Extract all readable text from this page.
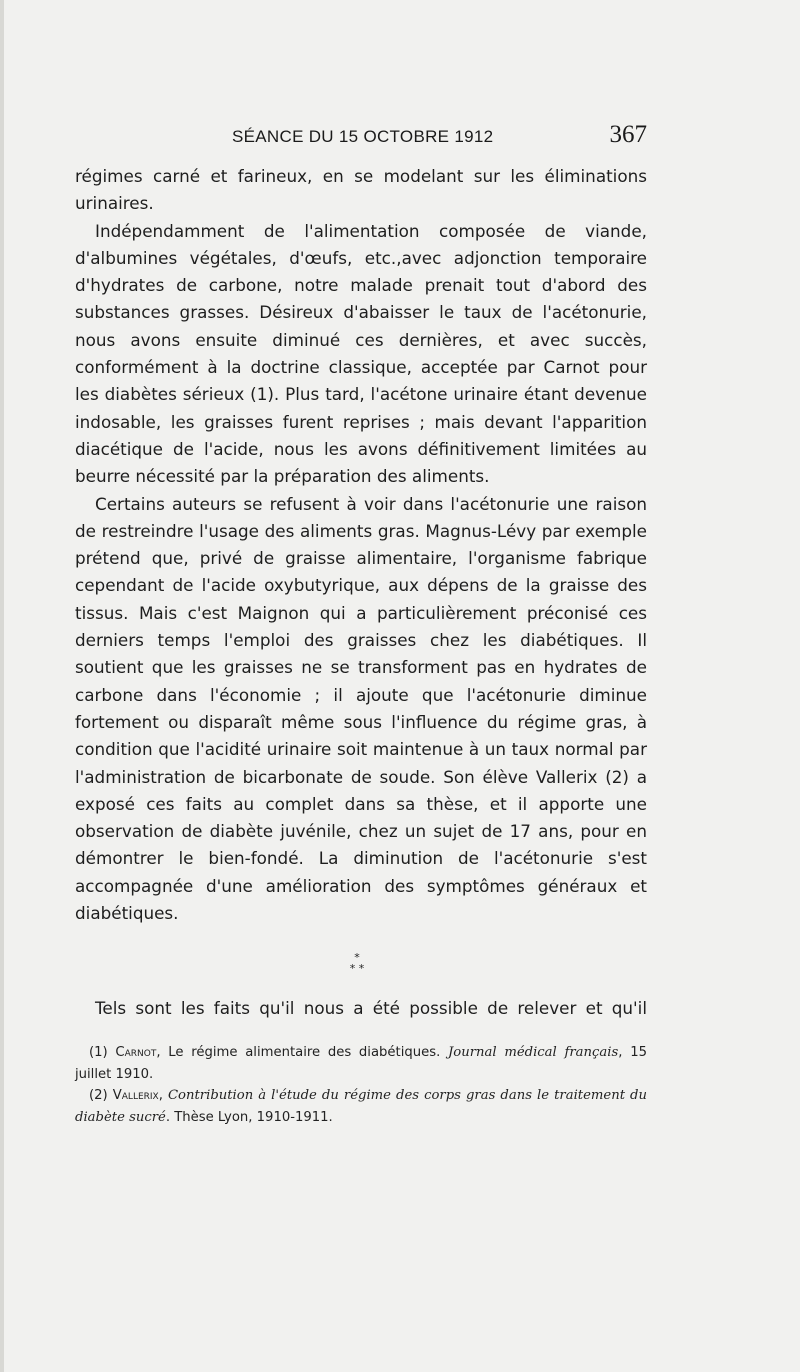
SÉANCE DU 15 OCTOBRE 1912	367

régimes carné et farineux, en se modelant sur les éliminations urinaires.

Indépendamment de l'alimentation composée de viande, d'albumines végétales, d'œufs, etc.,avec adjonction temporaire d'hydrates de carbone, notre malade prenait tout d'abord des substances grasses. Désireux d'abaisser le taux de l'acétonurie, nous avons ensuite diminué ces dernières, et avec succès, conformément à la doctrine classique, acceptée par Carnot pour les diabètes sérieux (1). Plus tard, l'acétone urinaire étant devenue indosable, les graisses furent reprises ; mais devant l'apparition diacétique de l'acide, nous les avons définitivement limitées au beurre nécessité par la préparation des aliments.

Certains auteurs se refusent à voir dans l'acétonurie une raison de restreindre l'usage des aliments gras. Magnus-Lévy par exemple prétend que, privé de graisse alimentaire, l'organisme fabrique cependant de l'acide oxybutyrique, aux dépens de la graisse des tissus. Mais c'est Maignon qui a particulièrement préconisé ces derniers temps l'emploi des graisses chez les diabétiques. Il soutient que les graisses ne se transforment pas en hydrates de carbone dans l'économie ; il ajoute que l'acétonurie diminue fortement ou disparaît même sous l'influence du régime gras, à condition que l'acidité urinaire soit maintenue à un taux normal par l'administration de bicarbonate de soude. Son élève Vallerix (2) a exposé ces faits au complet dans sa thèse, et il apporte une observation de diabète juvénile, chez un sujet de 17 ans, pour en démontrer le bien-fondé. La diminution de l'acétonurie s'est accompagnée d'une amélioration des symptômes généraux et diabétiques.

*
* *
Tels sont les faits qu'il nous a été possible de relever et qu'il

(1) Carnot, Le régime alimentaire des diabétiques. Journal médical français, 15 juillet 1910.

(2) Vallerix, Contribution à l'étude du régime des corps gras dans le traitement du diabète sucré. Thèse Lyon, 1910-1911.
